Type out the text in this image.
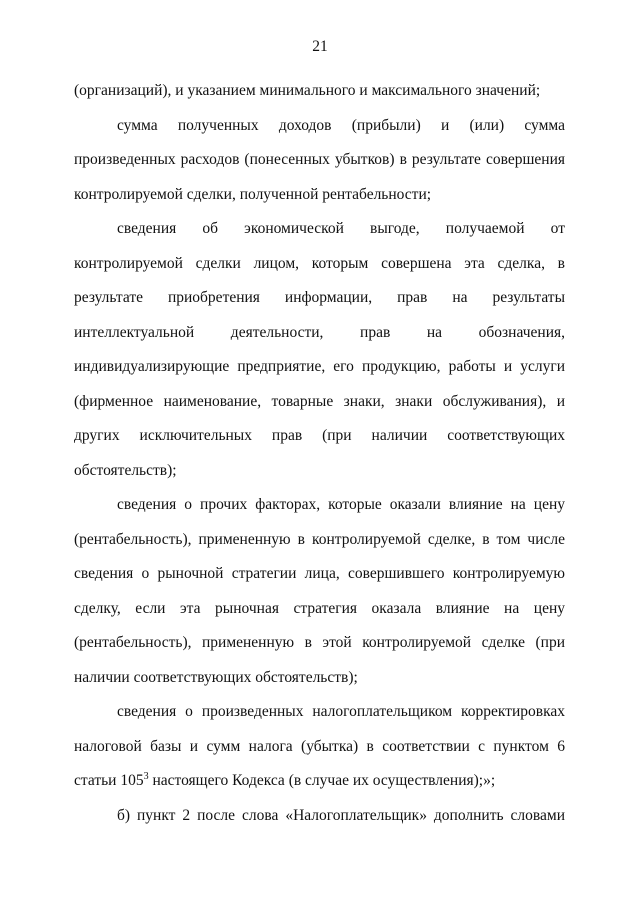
21

(организаций), и указанием минимального и максимального значений;

сумма полученных доходов (прибыли) и (или) сумма произведенных расходов (понесенных убытков) в результате совершения контролируемой сделки, полученной рентабельности;

сведения об экономической выгоде, получаемой от контролируемой сделки лицом, которым совершена эта сделка, в результате приобретения информации, прав на результаты интеллектуальной деятельности, прав на обозначения, индивидуализирующие предприятие, его продукцию, работы и услуги (фирменное наименование, товарные знаки, знаки обслуживания), и других исключительных прав (при наличии соответствующих обстоятельств);

сведения о прочих факторах, которые оказали влияние на цену (рентабельность), примененную в контролируемой сделке, в том числе сведения о рыночной стратегии лица, совершившего контролируемую сделку, если эта рыночная стратегия оказала влияние на цену (рентабельность), примененную в этой контролируемой сделке (при наличии соответствующих обстоятельств);

сведения о произведенных налогоплательщиком корректировках налоговой базы и сумм налога (убытка) в соответствии с пунктом 6 статьи $105^3$ настоящего Кодекса (в случае их осуществления);»;

б) пункт 2 после слова «Налогоплательщик» дополнить словами
